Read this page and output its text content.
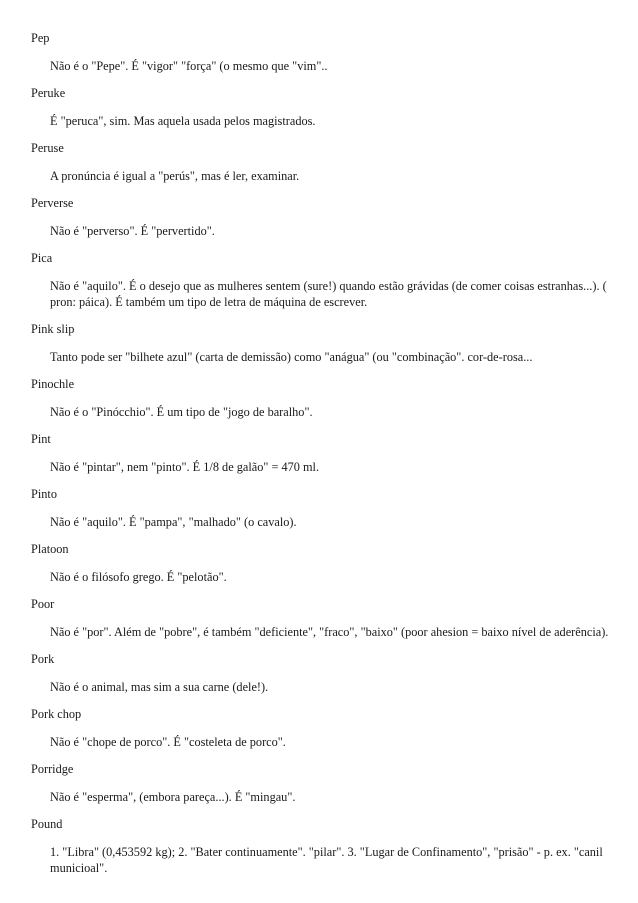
Pep

Não é o "Pepe". É "vigor" "força" (o mesmo que "vim"..

Peruke

É "peruca", sim. Mas aquela usada pelos magistrados.

Peruse

A pronúncia é igual a "perús", mas é ler, examinar.

Perverse

Não é "perverso". É "pervertido".

Pica

Não é "aquilo". É o desejo que as mulheres sentem (sure!) quando estão grávidas (de comer coisas estranhas...). ( pron: páica). É também um tipo de letra de máquina de escrever.

Pink slip

Tanto pode ser "bilhete azul" (carta de demissão) como "anágua" (ou "combinação". cor-de-rosa...

Pinochle

Não é o "Pinócchio". É um tipo de "jogo de baralho".

Pint

Não é "pintar", nem "pinto". É 1/8 de galão" = 470 ml.

Pinto

Não é "aquilo". É "pampa", "malhado" (o cavalo).

Platoon

Não é o filósofo grego. É "pelotão".

Poor

Não é "por". Além de "pobre", é também "deficiente", "fraco", "baixo" (poor ahesion = baixo nível de aderência).

Pork

Não é o animal, mas sim a sua carne (dele!).

Pork chop

Não é "chope de porco". É "costeleta de porco".

Porridge

Não é "esperma", (embora pareça...). É "mingau".

Pound

1. "Libra" (0,453592 kg); 2. "Bater continuamente". "pilar". 3. "Lugar de Confinamento", "prisão" - p. ex. "canil municioal".
